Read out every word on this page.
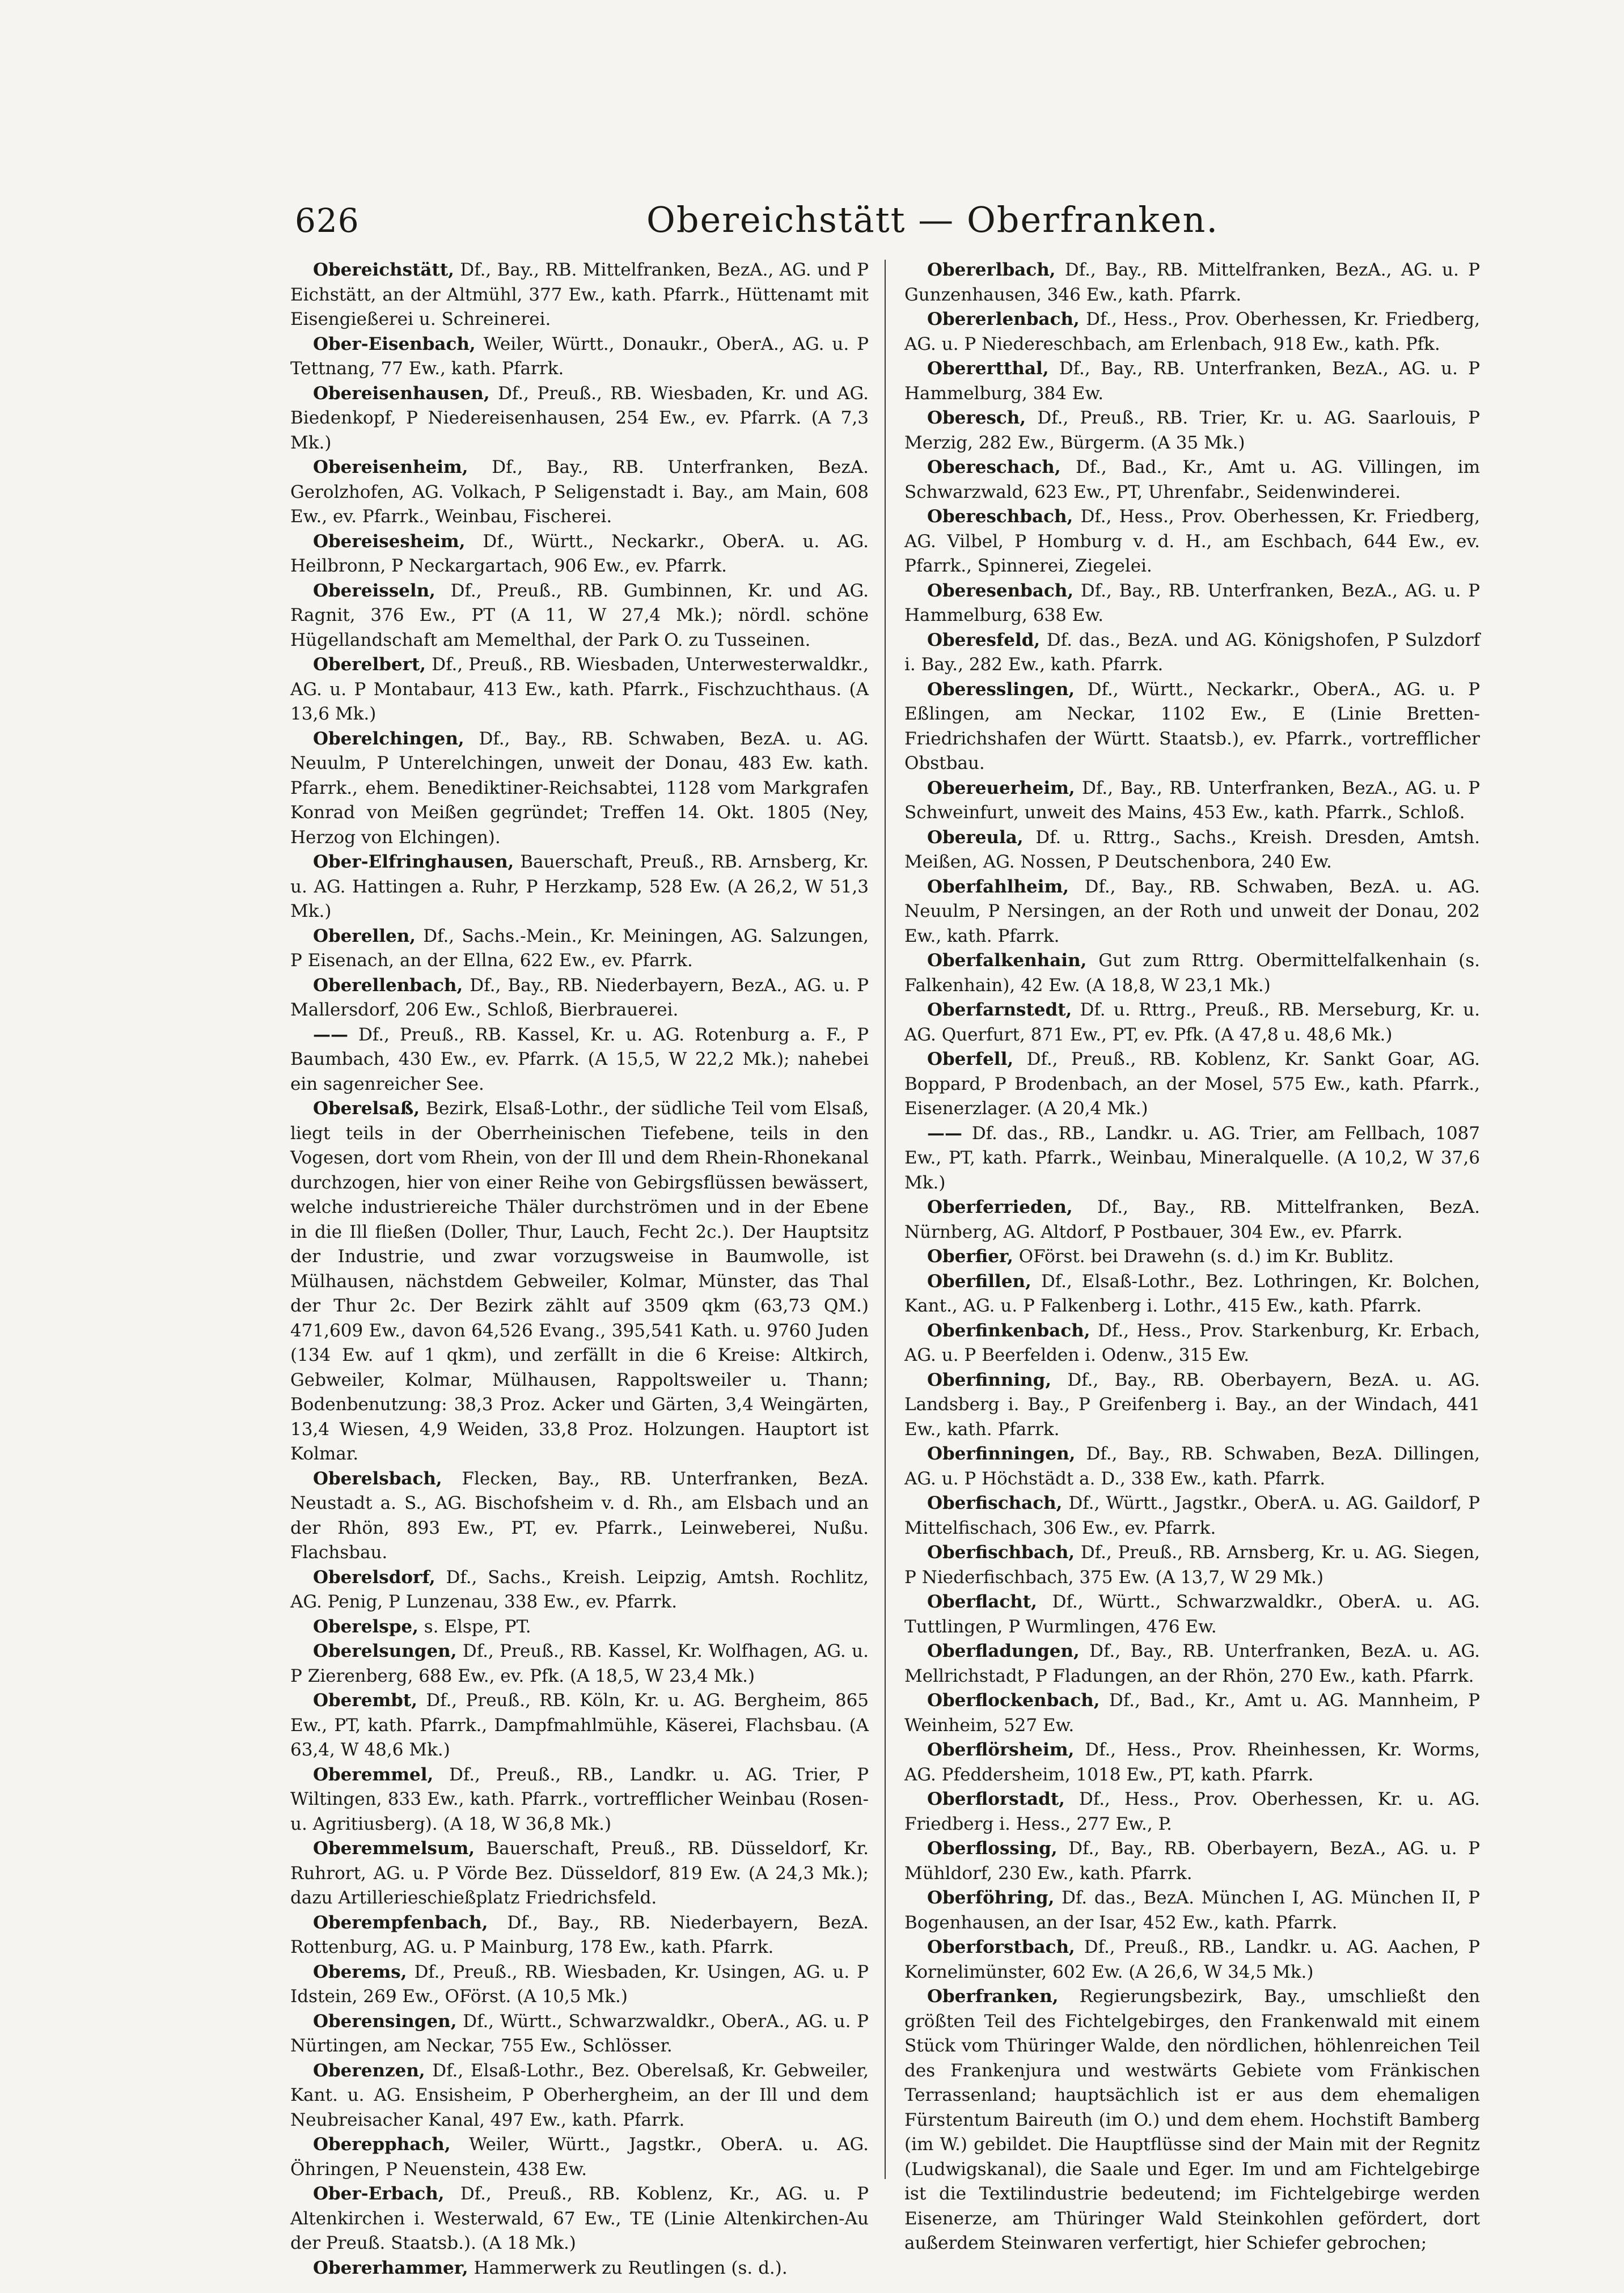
626	Obereichstätt — Oberfranken.

Obereichstätt, Df., Bay., RB. Mittelfranken, BezA., AG. und P Eichstätt, an der Altmühl, 377 Ew., kath. Pfarrk., Hüttenamt mit Eisengießerei u. Schreinerei.

Ober-Eisenbach, Weiler, Württ., Donaukr., OberA., AG. u. P Tettnang, 77 Ew., kath. Pfarrk.

Obereisenhausen, Df., Preuß., RB. Wiesbaden, Kr. und AG. Biedenkopf, P Niedereisenhausen, 254 Ew., ev. Pfarrk. (A 7,3 Mk.)

Obereisenheim, Df., Bay., RB. Unterfranken, BezA. Gerolzhofen, AG. Volkach, P Seligenstadt i. Bay., am Main, 608 Ew., ev. Pfarrk., Weinbau, Fischerei.

Obereisesheim, Df., Württ., Neckarkr., OberA. u. AG. Heilbronn, P Neckargartach, 906 Ew., ev. Pfarrk.

Obereisseln, Df., Preuß., RB. Gumbinnen, Kr. und AG. Ragnit, 376 Ew., PT (A 11, W 27,4 Mk.); nördl. schöne Hügellandschaft am Memelthal, der Park O. zu Tusseinen.

Oberelbert, Df., Preuß., RB. Wiesbaden, Unterwesterwaldkr., AG. u. P Montabaur, 413 Ew., kath. Pfarrk., Fischzuchthaus. (A 13,6 Mk.)

Oberelchingen, Df., Bay., RB. Schwaben, BezA. u. AG. Neuulm, P Unterelchingen, unweit der Donau, 483 Ew. kath. Pfarrk., ehem. Benediktiner-Reichsabtei, 1128 vom Markgrafen Konrad von Meißen gegründet; Treffen 14. Okt. 1805 (Ney, Herzog von Elchingen).

Ober-Elfringhausen, Bauerschaft, Preuß., RB. Arnsberg, Kr. u. AG. Hattingen a. Ruhr, P Herzkamp, 528 Ew. (A 26,2, W 51,3 Mk.)

Oberellen, Df., Sachs.-Mein., Kr. Meiningen, AG. Salzungen, P Eisenach, an der Ellna, 622 Ew., ev. Pfarrk.

Oberellenbach, Df., Bay., RB. Niederbayern, BezA., AG. u. P Mallersdorf, 206 Ew., Schloß, Bierbrauerei.

—— Df., Preuß., RB. Kassel, Kr. u. AG. Rotenburg a. F., P Baumbach, 430 Ew., ev. Pfarrk. (A 15,5, W 22,2 Mk.); nahebei ein sagenreicher See.

Oberelsaß, Bezirk, Elsaß-Lothr., der südliche Teil vom Elsaß, liegt teils in der Oberrheinischen Tiefebene, teils in den Vogesen, dort vom Rhein, von der Ill und dem Rhein-Rhonekanal durchzogen, hier von einer Reihe von Gebirgsflüssen bewässert, welche industriereiche Thäler durchströmen und in der Ebene in die Ill fließen (Doller, Thur, Lauch, Fecht 2c.). Der Hauptsitz der Industrie, und zwar vorzugsweise in Baumwolle, ist Mülhausen, nächstdem Gebweiler, Kolmar, Münster, das Thal der Thur 2c. Der Bezirk zählt auf 3509 qkm (63,73 QM.) 471,609 Ew., davon 64,526 Evang., 395,541 Kath. u. 9760 Juden (134 Ew. auf 1 qkm), und zerfällt in die 6 Kreise: Altkirch, Gebweiler, Kolmar, Mülhausen, Rappoltsweiler u. Thann; Bodenbenutzung: 38,3 Proz. Acker und Gärten, 3,4 Weingärten, 13,4 Wiesen, 4,9 Weiden, 33,8 Proz. Holzungen. Hauptort ist Kolmar.

Oberelsbach, Flecken, Bay., RB. Unterfranken, BezA. Neustadt a. S., AG. Bischofsheim v. d. Rh., am Elsbach und an der Rhön, 893 Ew., PT, ev. Pfarrk., Leinweberei, Nußu. Flachsbau.

Oberelsdorf, Df., Sachs., Kreish. Leipzig, Amtsh. Rochlitz, AG. Penig, P Lunzenau, 338 Ew., ev. Pfarrk.

Oberelspe, s. Elspe, PT.

Oberelsungen, Df., Preuß., RB. Kassel, Kr. Wolfhagen, AG. u. P Zierenberg, 688 Ew., ev. Pfk. (A 18,5, W 23,4 Mk.)

Oberembt, Df., Preuß., RB. Köln, Kr. u. AG. Bergheim, 865 Ew., PT, kath. Pfarrk., Dampfmahlmühle, Käserei, Flachsbau. (A 63,4, W 48,6 Mk.)

Oberemmel, Df., Preuß., RB., Landkr. u. AG. Trier, P Wiltingen, 833 Ew., kath. Pfarrk., vortrefflicher Weinbau (Rosen- u. Agritiusberg). (A 18, W 36,8 Mk.)

Oberemmelsum, Bauerschaft, Preuß., RB. Düsseldorf, Kr. Ruhrort, AG. u. P Vörde Bez. Düsseldorf, 819 Ew. (A 24,3 Mk.); dazu Artillerieschießplatz Friedrichsfeld.

Oberempfenbach, Df., Bay., RB. Niederbayern, BezA. Rottenburg, AG. u. P Mainburg, 178 Ew., kath. Pfarrk.

Oberems, Df., Preuß., RB. Wiesbaden, Kr. Usingen, AG. u. P Idstein, 269 Ew., OFörst. (A 10,5 Mk.)

Oberensingen, Df., Württ., Schwarzwaldkr., OberA., AG. u. P Nürtingen, am Neckar, 755 Ew., Schlösser.

Oberenzen, Df., Elsaß-Lothr., Bez. Oberelsaß, Kr. Gebweiler, Kant. u. AG. Ensisheim, P Oberhergheim, an der Ill und dem Neubreisacher Kanal, 497 Ew., kath. Pfarrk.

Oberepphach, Weiler, Württ., Jagstkr., OberA. u. AG. Öhringen, P Neuenstein, 438 Ew.

Ober-Erbach, Df., Preuß., RB. Koblenz, Kr., AG. u. P Altenkirchen i. Westerwald, 67 Ew., TE (Linie Altenkirchen-Au der Preuß. Staatsb.). (A 18 Mk.)

Obererhammer, Hammerwerk zu Reutlingen (s. d.).

Obererlbach, Df., Bay., RB. Mittelfranken, BezA., AG. u. P Gunzenhausen, 346 Ew., kath. Pfarrk.

Obererlenbach, Df., Hess., Prov. Oberhessen, Kr. Friedberg, AG. u. P Niedereschbach, am Erlenbach, 918 Ew., kath. Pfk.

Oberertthal, Df., Bay., RB. Unterfranken, BezA., AG. u. P Hammelburg, 384 Ew.

Oberesch, Df., Preuß., RB. Trier, Kr. u. AG. Saarlouis, P Merzig, 282 Ew., Bürgerm. (A 35 Mk.)

Obereschach, Df., Bad., Kr., Amt u. AG. Villingen, im Schwarzwald, 623 Ew., PT, Uhrenfabr., Seidenwinderei.

Obereschbach, Df., Hess., Prov. Oberhessen, Kr. Friedberg, AG. Vilbel, P Homburg v. d. H., am Eschbach, 644 Ew., ev. Pfarrk., Spinnerei, Ziegelei.

Oberesenbach, Df., Bay., RB. Unterfranken, BezA., AG. u. P Hammelburg, 638 Ew.

Oberesfeld, Df. das., BezA. und AG. Königshofen, P Sulzdorf i. Bay., 282 Ew., kath. Pfarrk.

Oberesslingen, Df., Württ., Neckarkr., OberA., AG. u. P Eßlingen, am Neckar, 1102 Ew., E (Linie Bretten-Friedrichshafen der Württ. Staatsb.), ev. Pfarrk., vortrefflicher Obstbau.

Obereuerheim, Df., Bay., RB. Unterfranken, BezA., AG. u. P Schweinfurt, unweit des Mains, 453 Ew., kath. Pfarrk., Schloß.

Obereula, Df. u. Rttrg., Sachs., Kreish. Dresden, Amtsh. Meißen, AG. Nossen, P Deutschenbora, 240 Ew.

Oberfahlheim, Df., Bay., RB. Schwaben, BezA. u. AG. Neuulm, P Nersingen, an der Roth und unweit der Donau, 202 Ew., kath. Pfarrk.

Oberfalkenhain, Gut zum Rttrg. Obermittelfalkenhain (s. Falkenhain), 42 Ew. (A 18,8, W 23,1 Mk.)

Oberfarnstedt, Df. u. Rttrg., Preuß., RB. Merseburg, Kr. u. AG. Querfurt, 871 Ew., PT, ev. Pfk. (A 47,8 u. 48,6 Mk.)

Oberfell, Df., Preuß., RB. Koblenz, Kr. Sankt Goar, AG. Boppard, P Brodenbach, an der Mosel, 575 Ew., kath. Pfarrk., Eisenerzlager. (A 20,4 Mk.)

—— Df. das., RB., Landkr. u. AG. Trier, am Fellbach, 1087 Ew., PT, kath. Pfarrk., Weinbau, Mineralquelle. (A 10,2, W 37,6 Mk.)

Oberferrieden, Df., Bay., RB. Mittelfranken, BezA. Nürnberg, AG. Altdorf, P Postbauer, 304 Ew., ev. Pfarrk.

Oberfier, OFörst. bei Drawehn (s. d.) im Kr. Bublitz.

Oberfillen, Df., Elsaß-Lothr., Bez. Lothringen, Kr. Bolchen, Kant., AG. u. P Falkenberg i. Lothr., 415 Ew., kath. Pfarrk.

Oberfinkenbach, Df., Hess., Prov. Starkenburg, Kr. Erbach, AG. u. P Beerfelden i. Odenw., 315 Ew.

Oberfinning, Df., Bay., RB. Oberbayern, BezA. u. AG. Landsberg i. Bay., P Greifenberg i. Bay., an der Windach, 441 Ew., kath. Pfarrk.

Oberfinningen, Df., Bay., RB. Schwaben, BezA. Dillingen, AG. u. P Höchstädt a. D., 338 Ew., kath. Pfarrk.

Oberfischach, Df., Württ., Jagstkr., OberA. u. AG. Gaildorf, P Mittelfischach, 306 Ew., ev. Pfarrk.

Oberfischbach, Df., Preuß., RB. Arnsberg, Kr. u. AG. Siegen, P Niederfischbach, 375 Ew. (A 13,7, W 29 Mk.)

Oberflacht, Df., Württ., Schwarzwaldkr., OberA. u. AG. Tuttlingen, P Wurmlingen, 476 Ew.

Oberfladungen, Df., Bay., RB. Unterfranken, BezA. u. AG. Mellrichstadt, P Fladungen, an der Rhön, 270 Ew., kath. Pfarrk.

Oberflockenbach, Df., Bad., Kr., Amt u. AG. Mannheim, P Weinheim, 527 Ew.

Oberflörsheim, Df., Hess., Prov. Rheinhessen, Kr. Worms, AG. Pfeddersheim, 1018 Ew., PT, kath. Pfarrk.

Oberflorstadt, Df., Hess., Prov. Oberhessen, Kr. u. AG. Friedberg i. Hess., 277 Ew., P.

Oberflossing, Df., Bay., RB. Oberbayern, BezA., AG. u. P Mühldorf, 230 Ew., kath. Pfarrk.

Oberföhring, Df. das., BezA. München I, AG. München II, P Bogenhausen, an der Isar, 452 Ew., kath. Pfarrk.

Oberforstbach, Df., Preuß., RB., Landkr. u. AG. Aachen, P Kornelimünster, 602 Ew. (A 26,6, W 34,5 Mk.)

Oberfranken, Regierungsbezirk, Bay., umschließt den größten Teil des Fichtelgebirges, den Frankenwald mit einem Stück vom Thüringer Walde, den nördlichen, höhlenreichen Teil des Frankenjura und westwärts Gebiete vom Fränkischen Terrassenland; hauptsächlich ist er aus dem ehemaligen Fürstentum Baireuth (im O.) und dem ehem. Hochstift Bamberg (im W.) gebildet. Die Hauptflüsse sind der Main mit der Regnitz (Ludwigskanal), die Saale und Eger. Im und am Fichtelgebirge ist die Textilindustrie bedeutend; im Fichtelgebirge werden Eisenerze, am Thüringer Wald Steinkohlen gefördert, dort außerdem Steinwaren verfertigt, hier Schiefer gebrochen;
